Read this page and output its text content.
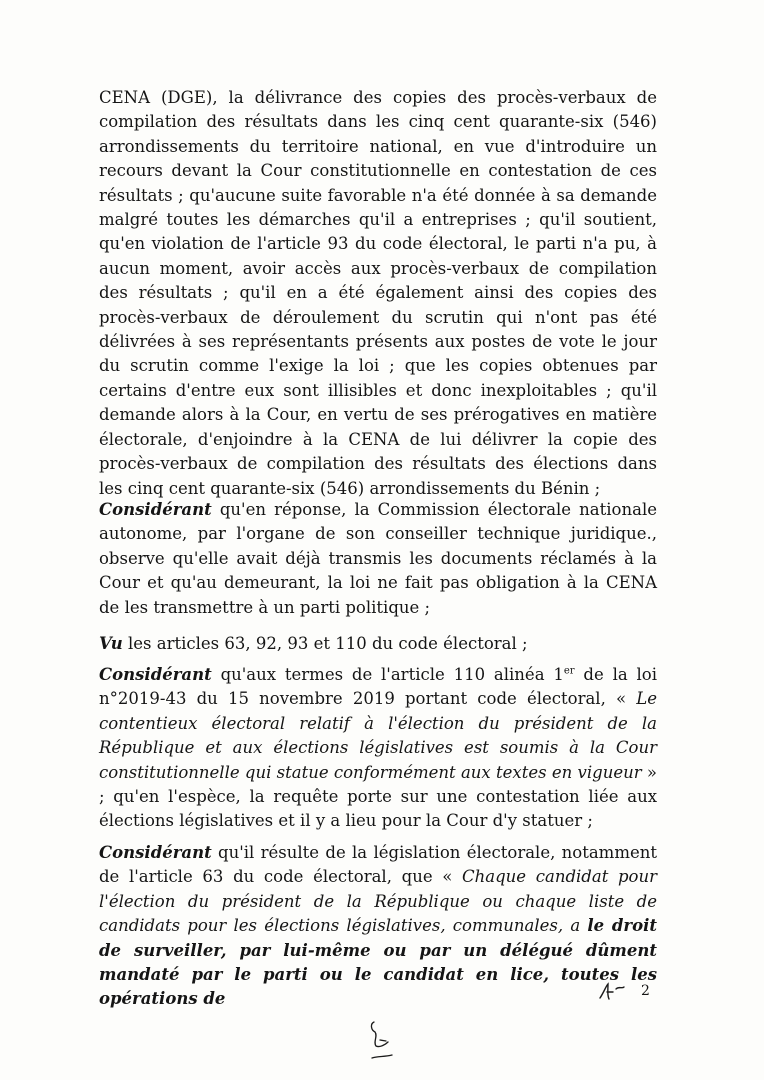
CENA (DGE), la délivrance des copies des procès-verbaux de compilation des résultats dans les cinq cent quarante-six (546) arrondissements du territoire national, en vue d'introduire un recours devant la Cour constitutionnelle en contestation de ces résultats ; qu'aucune suite favorable n'a été donnée à sa demande malgré toutes les démarches qu'il a entreprises ; qu'il soutient, qu'en violation de l'article 93 du code électoral, le parti n'a pu, à aucun moment, avoir accès aux procès-verbaux de compilation des résultats ; qu'il en a été également ainsi des copies des procès-verbaux de déroulement du scrutin qui n'ont pas été délivrées à ses représentants présents aux postes de vote le jour du scrutin comme l'exige la loi ; que les copies obtenues par certains d'entre eux sont illisibles et donc inexploitables ; qu'il demande alors à la Cour, en vertu de ses prérogatives en matière électorale, d'enjoindre à la CENA de lui délivrer la copie des procès-verbaux de compilation des résultats des élections dans les cinq cent quarante-six (546) arrondissements du Bénin ;

Considérant qu'en réponse, la Commission électorale nationale autonome, par l'organe de son conseiller technique juridique., observe qu'elle avait déjà transmis les documents réclamés à la Cour et qu'au demeurant, la loi ne fait pas obligation à la CENA de les transmettre à un parti politique ;

Vu les articles 63, 92, 93 et 110 du code électoral ;

Considérant qu'aux termes de l'article 110 alinéa 1er de la loi n°2019-43 du 15 novembre 2019 portant code électoral, « Le contentieux électoral relatif à l'élection du président de la République et aux élections législatives est soumis à la Cour constitutionnelle qui statue conformément aux textes en vigueur » ; qu'en l'espèce, la requête porte sur une contestation liée aux élections législatives et il y a lieu pour la Cour d'y statuer ;

Considérant qu'il résulte de la législation électorale, notamment de l'article 63 du code électoral, que « Chaque candidat pour l'élection du président de la République ou chaque liste de candidats pour les élections législatives, communales, a le droit de surveiller, par lui-même ou par un délégué dûment mandaté par le parti ou le candidat en lice, toutes les opérations de	2
